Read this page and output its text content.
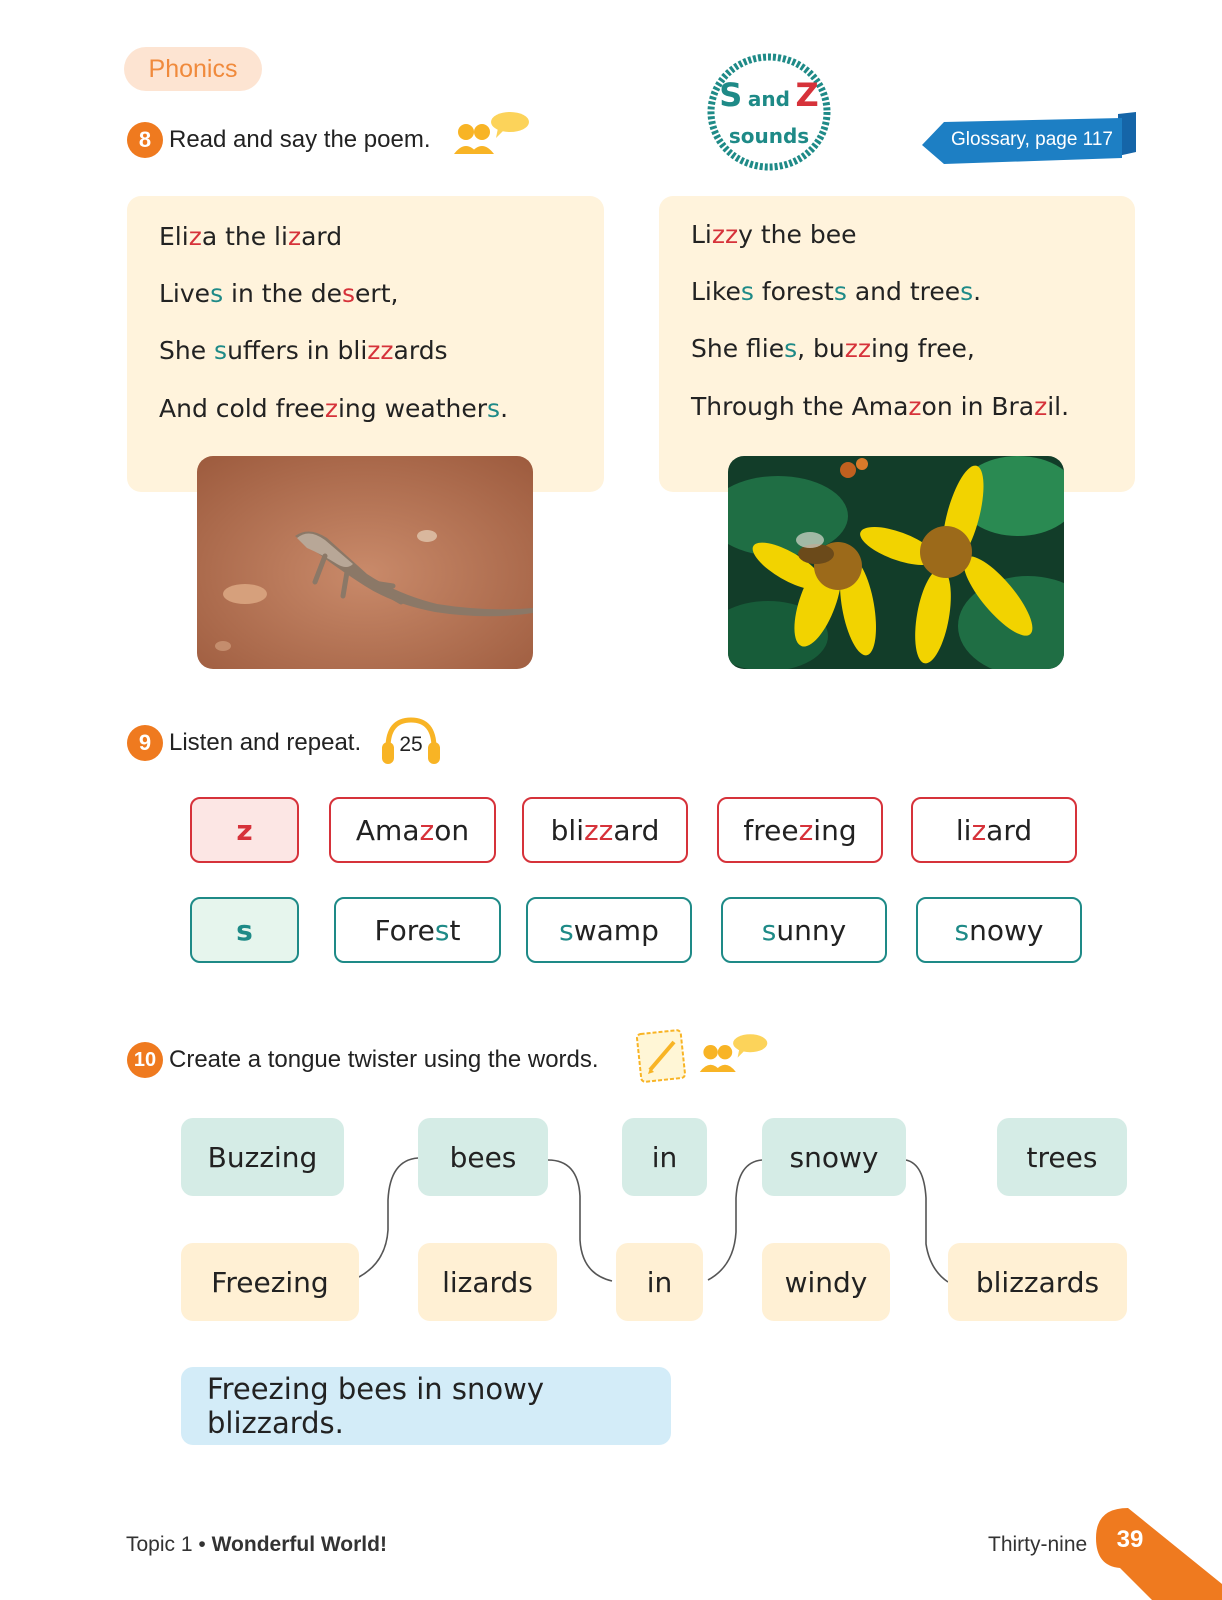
Phonics
S and Z
sounds	Glossary, page 117
8 Read and say the poem.
Eliza the lizard
Lives in the desert,
She suffers in blizzards
And cold freezing weathers.
Lizzy the bee
Likes forests and trees.
She flies, buzzing free,
Through the Amazon in Brazil.
9 Listen and repeat.	25
z	Ama z on	bli zz ard	free z ing	li z ard
s	Fore s t	s wamp	s unny	s nowy
10 Create a tongue twister using the words.
Buzzing	bees	in	snowy	trees
Freezing	lizards	in	windy	blizzards
Freezing bees in snowy blizzards.
Topic 1 • Wonderful World!	Thirty-nine	39
